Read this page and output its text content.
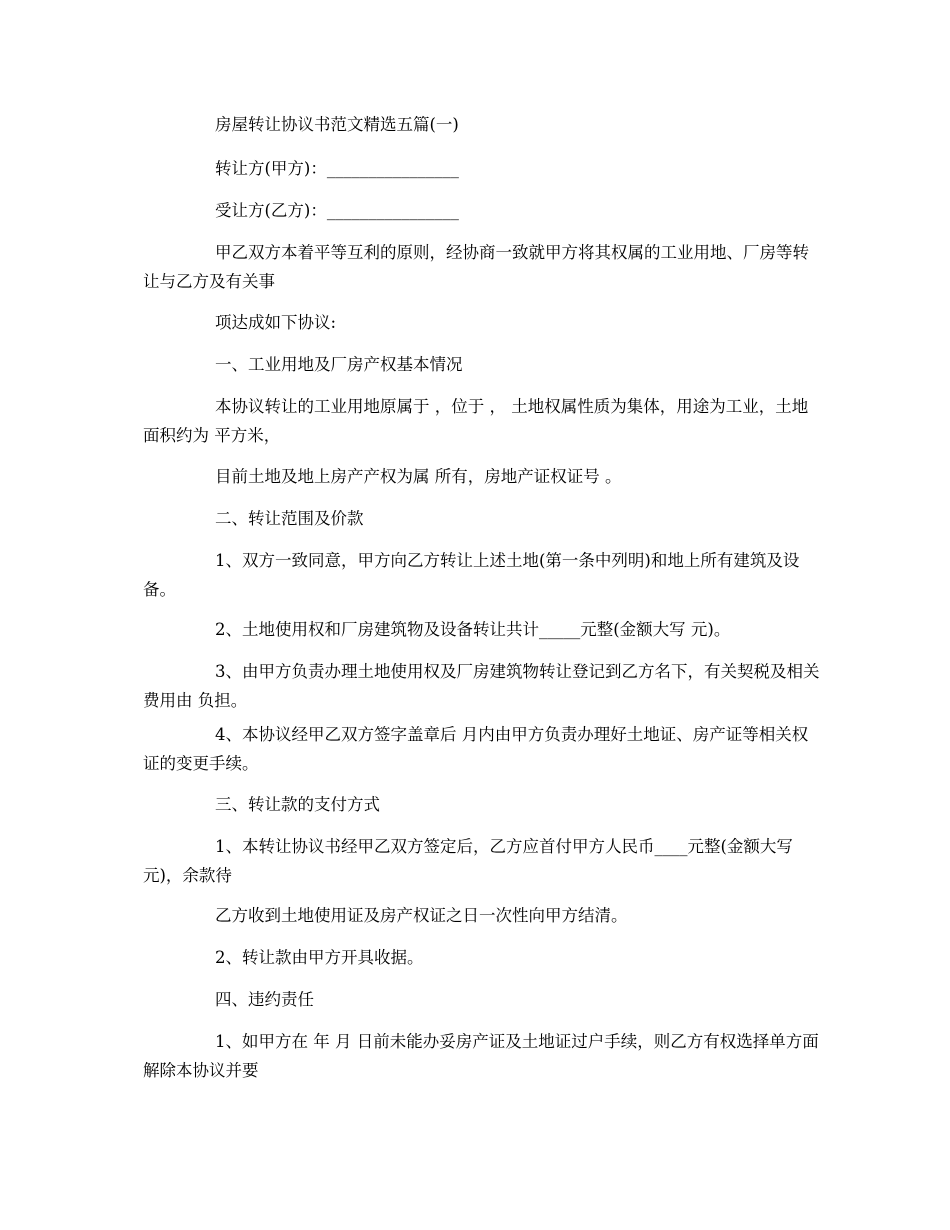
房屋转让协议书范文精选五篇(一)
转让方(甲方)：________________
受让方(乙方)：________________
甲乙双方本着平等互利的原则，经协商一致就甲方将其权属的工业用地、厂房等转让与乙方及有关事
项达成如下协议:
一、工业用地及厂房产权基本情况
本协议转让的工业用地原属于 ，位于 ， 土地权属性质为集体，用途为工业，土地面积约为 平方米，
目前土地及地上房产产权为属 所有，房地产证权证号 。
二、转让范围及价款
1、双方一致同意，甲方向乙方转让上述土地(第一条中列明)和地上所有建筑及设备。
2、土地使用权和厂房建筑物及设备转让共计_____元整(金额大写 元)。
3、由甲方负责办理土地使用权及厂房建筑物转让登记到乙方名下，有关契税及相关费用由 负担。
4、本协议经甲乙双方签字盖章后 月内由甲方负责办理好土地证、房产证等相关权证的变更手续。
三、转让款的支付方式
1、本转让协议书经甲乙双方签定后，乙方应首付甲方人民币____元整(金额大写 元)，余款待
乙方收到土地使用证及房产权证之日一次性向甲方结清。
2、转让款由甲方开具收据。
四、违约责任
1、如甲方在 年 月 日前未能办妥房产证及土地证过户手续，则乙方有权选择单方面解除本协议并要
